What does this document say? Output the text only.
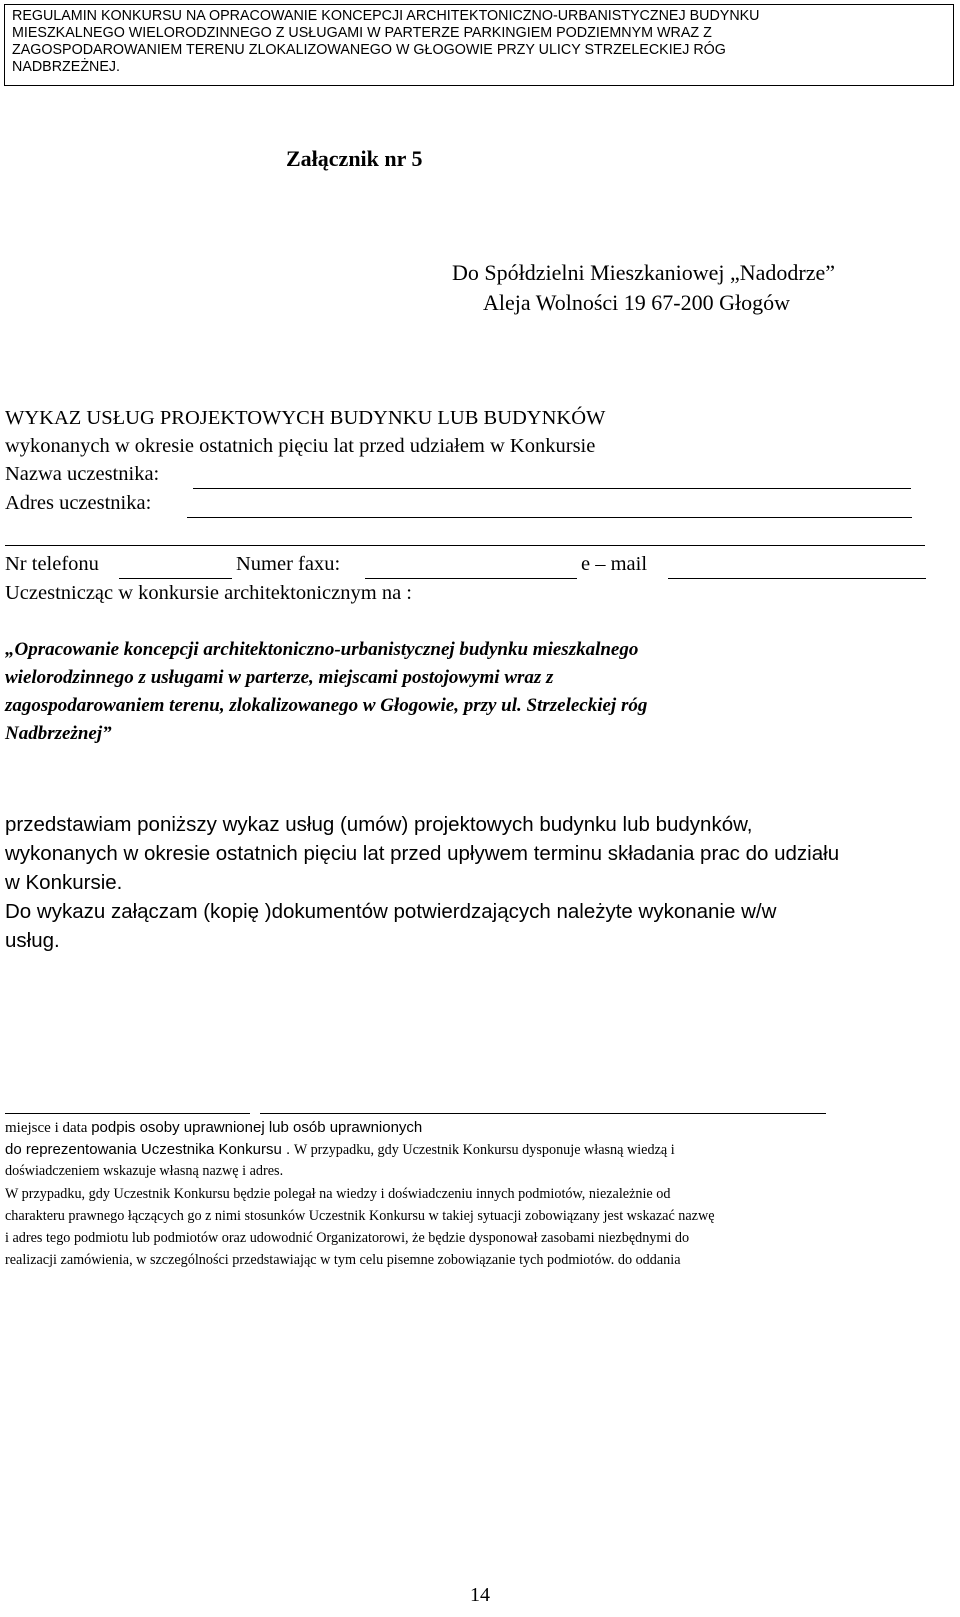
REGULAMIN KONKURSU NA OPRACOWANIE KONCEPCJI ARCHITEKTONICZNO-URBANISTYCZNEJ BUDYNKU
MIESZKALNEGO WIELORODZINNEGO Z USŁUGAMI W PARTERZE PARKINGIEM PODZIEMNYM WRAZ Z
ZAGOSPODAROWANIEM TERENU ZLOKALIZOWANEGO W GŁOGOWIE PRZY ULICY STRZELECKIEJ RÓG
NADBRZEŻNEJ.
Załącznik nr 5
Do Spółdzielni Mieszkaniowej „Nadodrze”
Aleja Wolności 19 67-200 Głogów
WYKAZ USŁUG PROJEKTOWYCH BUDYNKU LUB BUDYNKÓW
wykonanych w okresie ostatnich pięciu lat przed udziałem w Konkursie
Nazwa uczestnika:
Adres uczestnika:
Nr telefonu	Numer faxu:	e – mail
Uczestnicząc w konkursie architektonicznym na :
„Opracowanie koncepcji architektoniczno-urbanistycznej budynku mieszkalnego
wielorodzinnego z usługami w parterze, miejscami postojowymi wraz z
zagospodarowaniem terenu, zlokalizowanego w Głogowie, przy ul. Strzeleckiej róg
Nadbrzeżnej”
przedstawiam poniższy wykaz usług (umów) projektowych budynku lub budynków,
wykonanych w okresie ostatnich pięciu lat przed upływem terminu składania prac do udziału
w Konkursie.
Do wykazu załączam (kopię )dokumentów potwierdzających należyte wykonanie w/w
usług.
miejsce i data podpis osoby uprawnionej lub osób uprawnionych
do reprezentowania Uczestnika Konkursu . W przypadku, gdy Uczestnik Konkursu dysponuje własną wiedzą i
doświadczeniem wskazuje własną nazwę i adres.
W przypadku, gdy Uczestnik Konkursu będzie polegał na wiedzy i doświadczeniu innych podmiotów, niezależnie od
charakteru prawnego łączących go z nimi stosunków Uczestnik Konkursu w takiej sytuacji zobowiązany jest wskazać nazwę
i adres tego podmiotu lub podmiotów oraz udowodnić Organizatorowi, że będzie dysponował zasobami niezbędnymi do
realizacji zamówienia, w szczególności przedstawiając w tym celu pisemne zobowiązanie tych podmiotów. do oddania
14
